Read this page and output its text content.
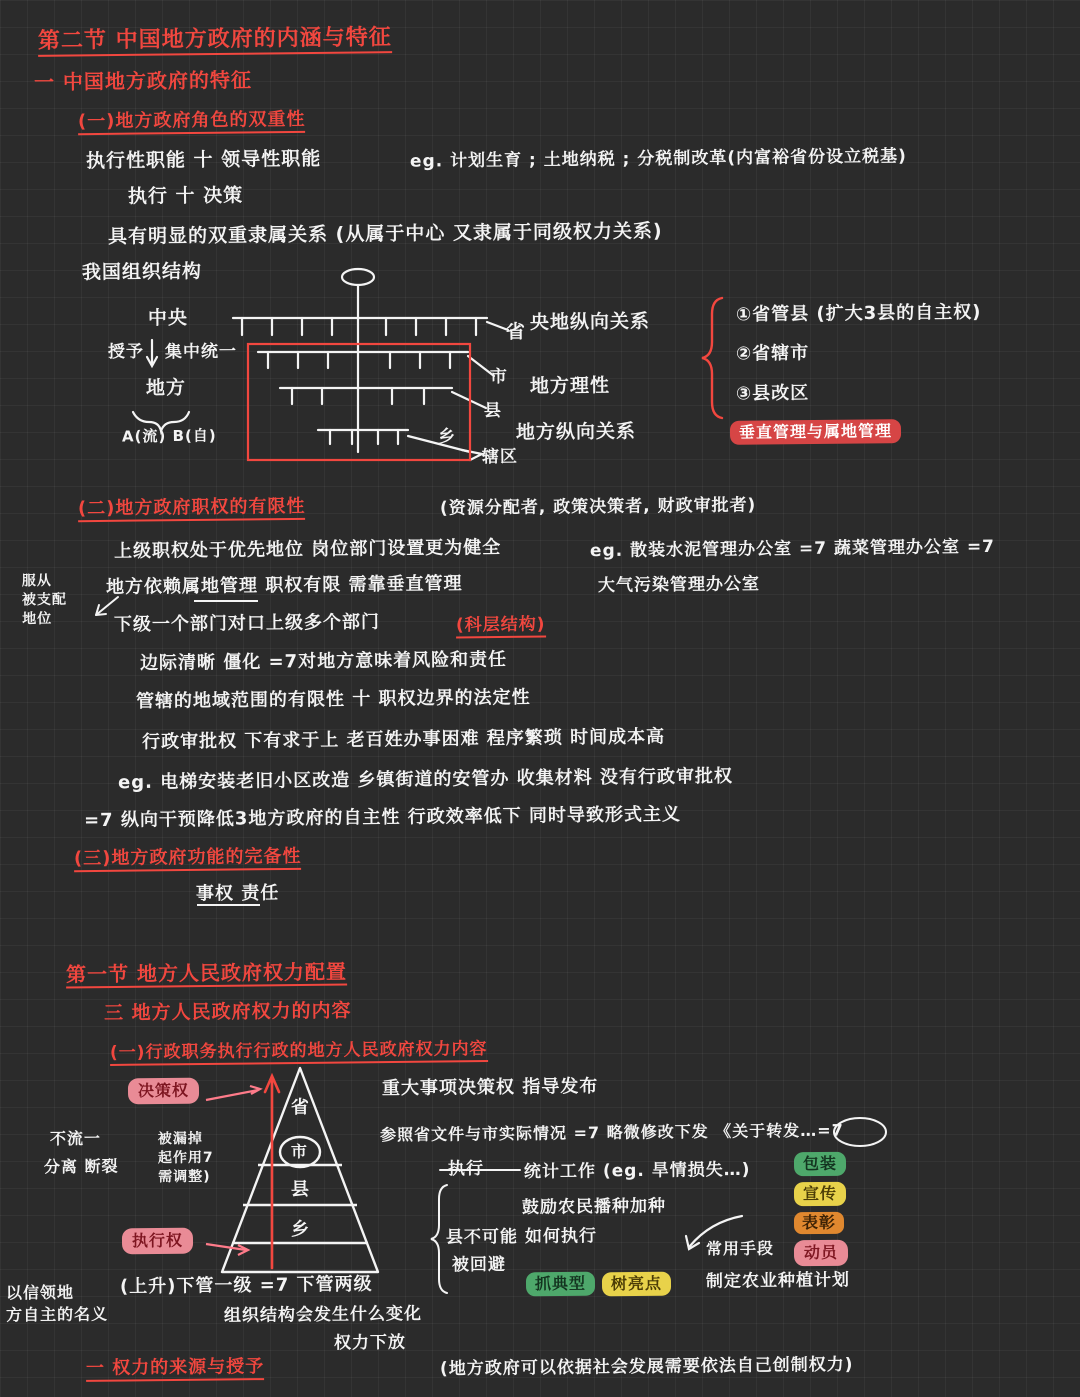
第二节 中国地方政府的内涵与特征
一 中国地方政府的特征
(一)地方政府角色的双重性
执行性职能 十 领导性职能	eg. 计划生育 ; 土地纳税 ; 分税制改革(内富裕省份设立税基)
执行 十 决策
具有明显的双重隶属关系 (从属于中心 又隶属于同级权力关系)
我国组织结构
中央
授予 集中统一
地方
A(流) B(自)
省
市
县
乡
辖区
央地纵向关系
地方理性
地方纵向关系
①省管县 (扩大3县的自主权)
②省辖市
③县改区
垂直管理与属地管理
(二)地方政府职权的有限性	(资源分配者, 政策决策者, 财政审批者)
服从
被支配
地位
上级职权处于优先地位 岗位部门设置更为健全	eg. 散装水泥管理办公室 =7 蔬菜管理办公室 =7
地方依赖属地管理 职权有限 需靠垂直管理	大气污染管理办公室
下级一个部门对口上级多个部门	(科层结构)
边际清晰 僵化 =7对地方意味着风险和责任
管辖的地域范围的有限性 十 职权边界的法定性
行政审批权 下有求于上 老百姓办事困难 程序繁琐 时间成本高
eg. 电梯安装老旧小区改造 乡镇街道的安管办 收集材料 没有行政审批权
=7 纵向干预降低3地方政府的自主性 行政效率低下 同时导致形式主义
(三)地方政府功能的完备性
事权 责任
第一节 地方人民政府权力配置
三 地方人民政府权力的内容
(一)行政职务执行行政的地方人民政府权力内容
省
市
县
乡
决策权
执行权
不流一
分离 断裂
被漏掉
起作用7
需调整)
重大事项决策权 指导发布
参照省文件与市实际情况 =7 略微修改下发 《关于转发…=7
执行 统计工作 (eg. 旱情损失…)
鼓励农民播种加种
县不可能 如何执行
被回避
常用手段
制定农业种植计划
包装
宣传
表彰
动员
抓典型	树亮点
以信领地
方自主的名义
(上升)下管一级 =7 下管两级
组织结构会发生什么变化
权力下放
一 权力的来源与授予	(地方政府可以依据社会发展需要依法自己创制权力)
